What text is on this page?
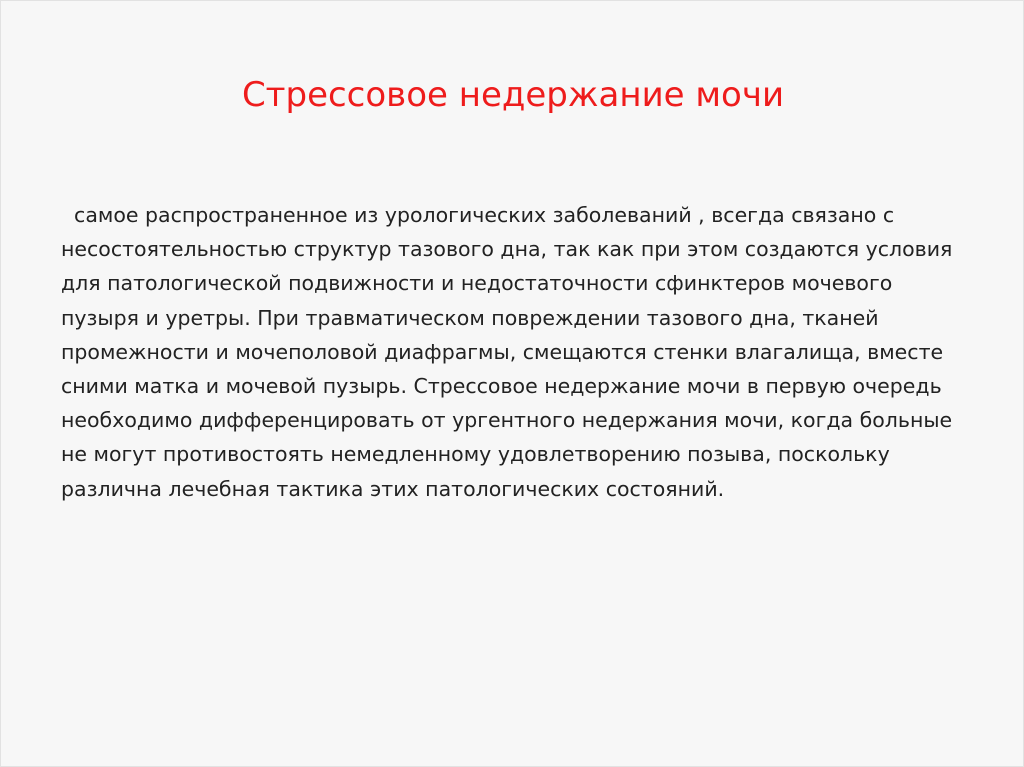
Стрессовое недержание мочи

самое распространенное из урологических заболеваний , всегда связано с несостоятельностью структур тазового дна, так как при этом создаются условия для патологической подвижности и недостаточности сфинктеров мочевого пузыря и уретры. При травматическом повреждении тазового дна, тканей промежности и мочеполовой диафрагмы, смещаются стенки влагалища, вместе сними матка и мочевой пузырь. Стрессовое недержание мочи в первую очередь необходимо дифференцировать от ургентного недержания мочи, когда больные не могут противостоять немедленному удовлетворению позыва, поскольку различна лечебная тактика этих патологических состояний.
